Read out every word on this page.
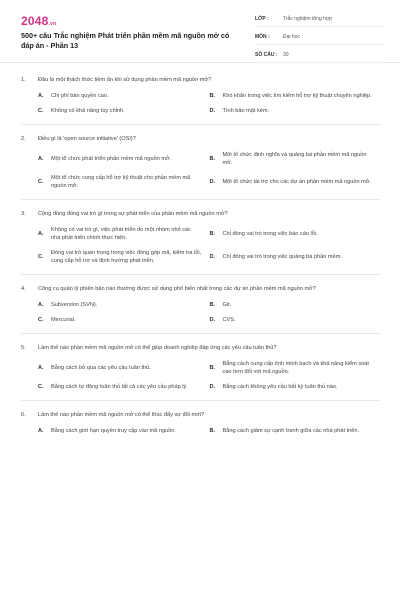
2048.vn
500+ câu Trắc nghiệm Phát triển phần mềm mã nguồn mở có đáp án - Phần 13
LỚP :	Trắc nghiệm tổng hợp
MÔN :	Đại học
SỐ CÂU :	30
1.	Đâu là một thách thức tiềm ẩn khi sử dụng phần mềm mã nguồn mở?
A.	Chi phí bản quyền cao.	B.	Khó khăn trong việc tìm kiếm hỗ trợ kỹ thuật chuyên nghiệp.
C.	Không có khả năng tùy chỉnh.	D.	Tính bảo mật kém.
2.	Điều gì là 'open source initiative' (OSI)?
A.	Một tổ chức phát triển phần mềm mã nguồn mở.	B.
Một tổ chức định nghĩa và quảng bá phần mềm mã nguồn mở.
C.
Một tổ chức cung cấp hỗ trợ kỹ thuật cho phần mềm mã nguồn mở.
D.	Một tổ chức tài trợ cho các dự án phần mềm mã nguồn mở.
3.	Cộng đồng đóng vai trò gì trong sự phát triển của phần mềm mã nguồn mở?
A.
Không có vai trò gì, việc phát triển do một nhóm nhỏ các nhà phát triển chính thực hiện.
B.	Chỉ đóng vai trò trong việc báo cáo lỗi.
C.
Đóng vai trò quan trọng trong việc đóng góp mã, kiểm tra lỗi, cung cấp hỗ trợ và định hướng phát triển.
D.	Chỉ đóng vai trò trong việc quảng bá phần mềm.
4.	Công cụ quản lý phiên bản nào thường được sử dụng phổ biến nhất trong các dự án phần mềm mã nguồn mở?
A.	Subversion (SVN).	B.	Git.
C.	Mercurial.	D.	CVS.
5.	Làm thế nào phần mềm mã nguồn mở có thể giúp doanh nghiệp đáp ứng các yêu cầu tuân thủ?
A.	Bằng cách bỏ qua các yêu cầu tuân thủ.	B.
Bằng cách cung cấp tính minh bạch và khả năng kiểm soát cao hơn đối với mã nguồn.
C.	Bằng cách tự động tuân thủ tất cả các yêu cầu pháp lý.	D.	Bằng cách không yêu cầu bất kỳ tuân thủ nào.
6.	Làm thế nào phần mềm mã nguồn mở có thể thúc đẩy sự đổi mới?
A.	Bằng cách giới hạn quyền truy cập vào mã nguồn.	B.	Bằng cách giảm sự cạnh tranh giữa các nhà phát triển.
